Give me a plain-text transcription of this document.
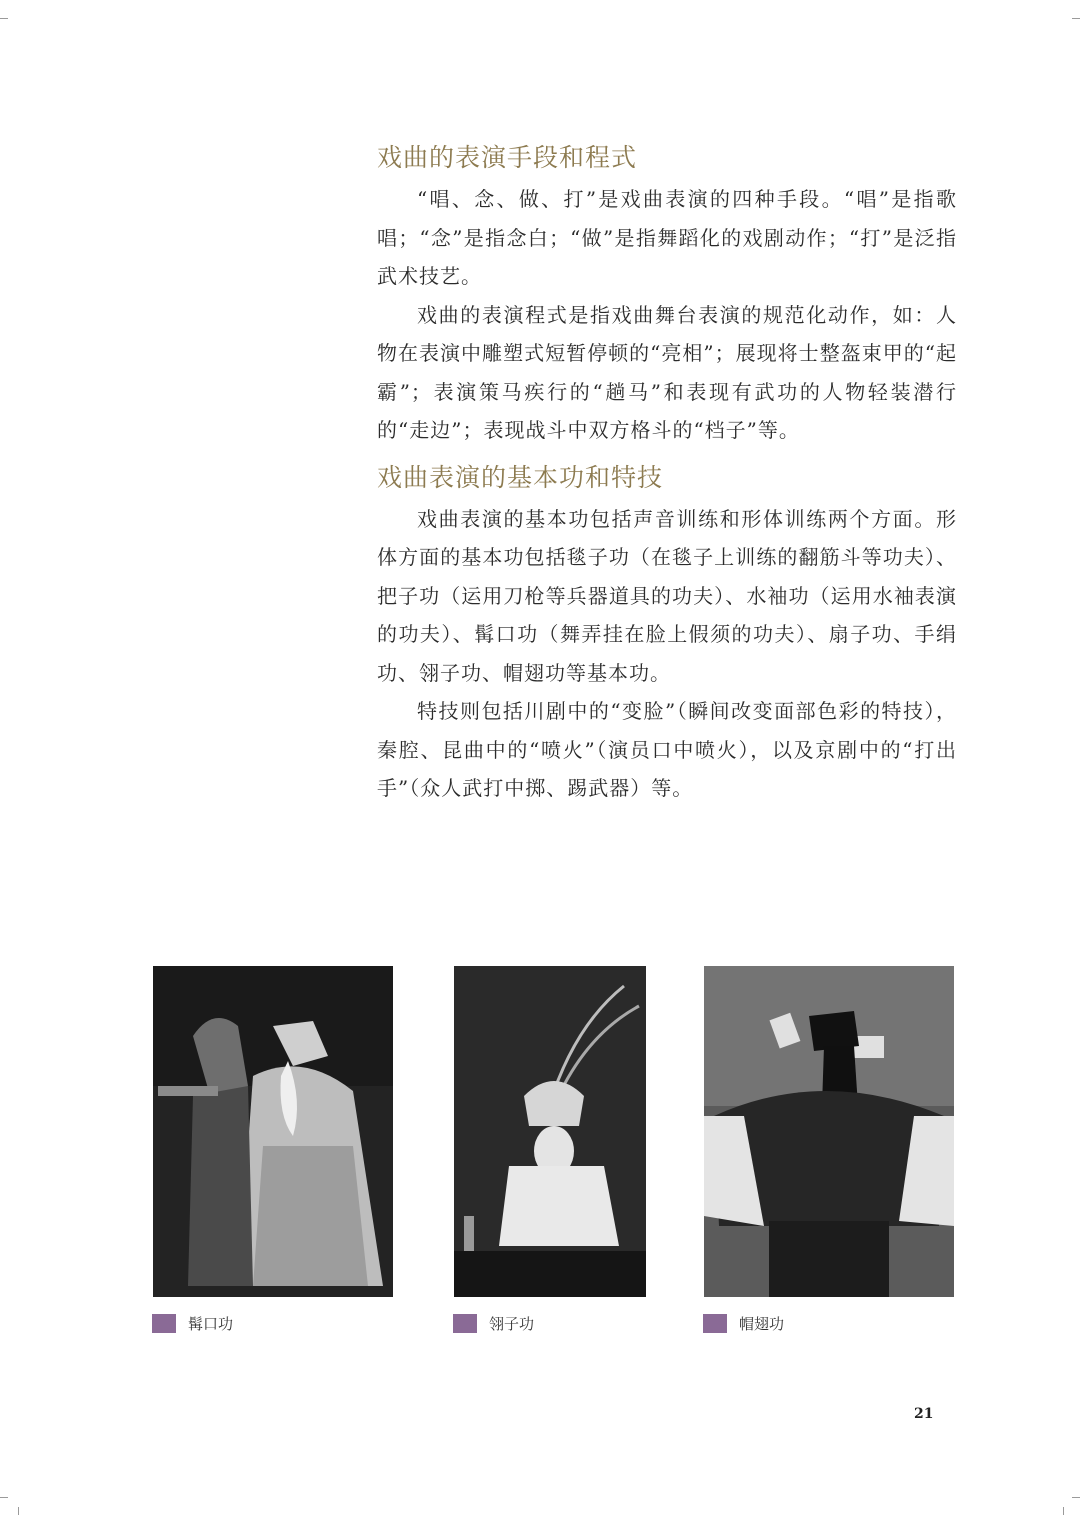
戏曲的表演手段和程式

“唱、念、做、打”是戏曲表演的四种手段。“唱”是指歌唱；“念”是指念白；“做”是指舞蹈化的戏剧动作；“打”是泛指武术技艺。

戏曲的表演程式是指戏曲舞台表演的规范化动作，如：人物在表演中雕塑式短暂停顿的“亮相”；展现将士整盔束甲的“起霸”；表演策马疾行的“趟马”和表现有武功的人物轻装潜行的“走边”；表现战斗中双方格斗的“档子”等。

戏曲表演的基本功和特技

戏曲表演的基本功包括声音训练和形体训练两个方面。形体方面的基本功包括毯子功（在毯子上训练的翻筋斗等功夫）、把子功（运用刀枪等兵器道具的功夫）、水袖功（运用水袖表演的功夫）、髯口功（舞弄挂在脸上假须的功夫）、扇子功、手绢功、翎子功、帽翅功等基本功。

特技则包括川剧中的“变脸”（瞬间改变面部色彩的特技），秦腔、昆曲中的“喷火”（演员口中喷火），以及京剧中的“打出手”（众人武打中掷、踢武器）等。

髯口功	翎子功	帽翅功
21
